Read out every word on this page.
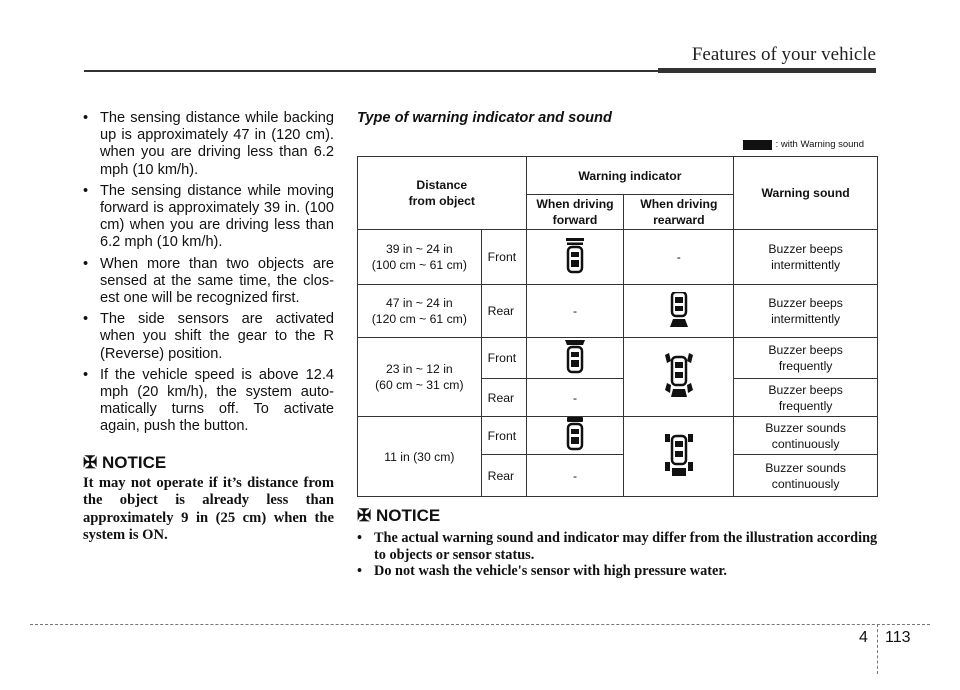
Features of your vehicle
• The sensing distance while backing up is approximately 47 in (120 cm). when you are driving less than 6.2 mph (10 km/h).
• The sensing distance while moving forward is approximately 39 in. (100 cm) when you are driving less than 6.2 mph (10 km/h).
• When more than two objects are sensed at the same time, the clos- est one will be recognized first.
• The side sensors are activated when you shift the gear to the R (Reverse) position.
• If the vehicle speed is above 12.4 mph (20 km/h), the system auto- matically turns off. To activate again, push the button.
✠ NOTICE
It may not operate if it’s distance from the object is already less than approximately 9 in (25 cm) when the system is ON.
Type of warning indicator and sound
: with Warning sound
Distance
from object		Warning indicator		Warning sound

		When driving
forward	When driving
rearward	

39 in ~ 24 in
(100 cm ~ 61 cm)	Front		-	Buzzer beeps
intermittently

47 in ~ 24 in
(120 cm ~ 61 cm)	Rear	-		Buzzer beeps
intermittently

23 in ~ 12 in
(60 cm ~ 31 cm)	Front			Buzzer beeps
frequently

	Rear	-		Buzzer beeps
frequently

11 in (30 cm)	Front			Buzzer sounds
continuously

	Rear	-		Buzzer sounds
continuously
✠ NOTICE
• The actual warning sound and indicator may differ from the illustration according to objects or sensor status.
• Do not wash the vehicle's sensor with high pressure water.
4 113
